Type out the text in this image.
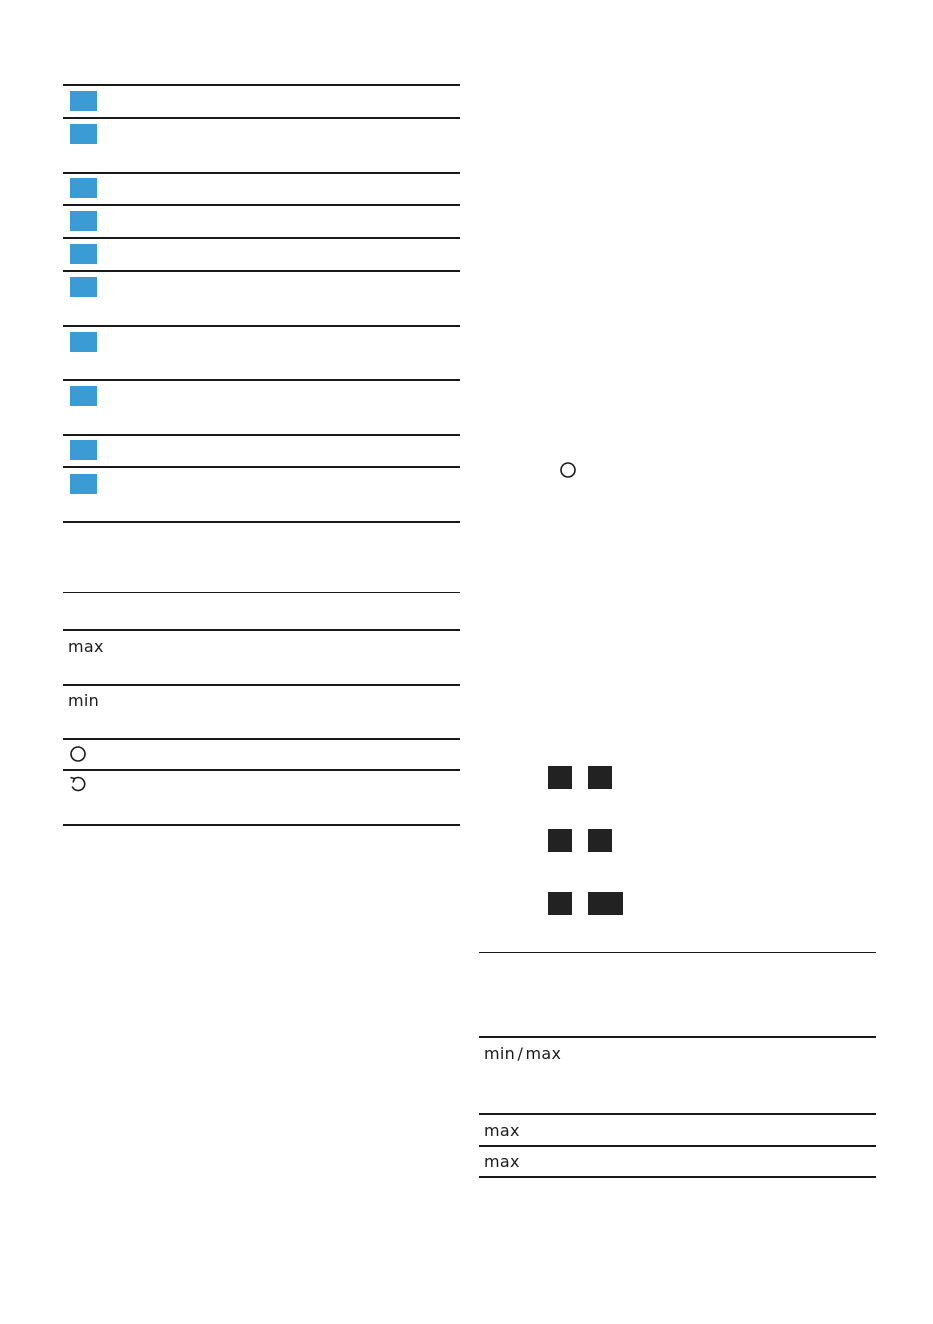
max
min
min / max
max
max
